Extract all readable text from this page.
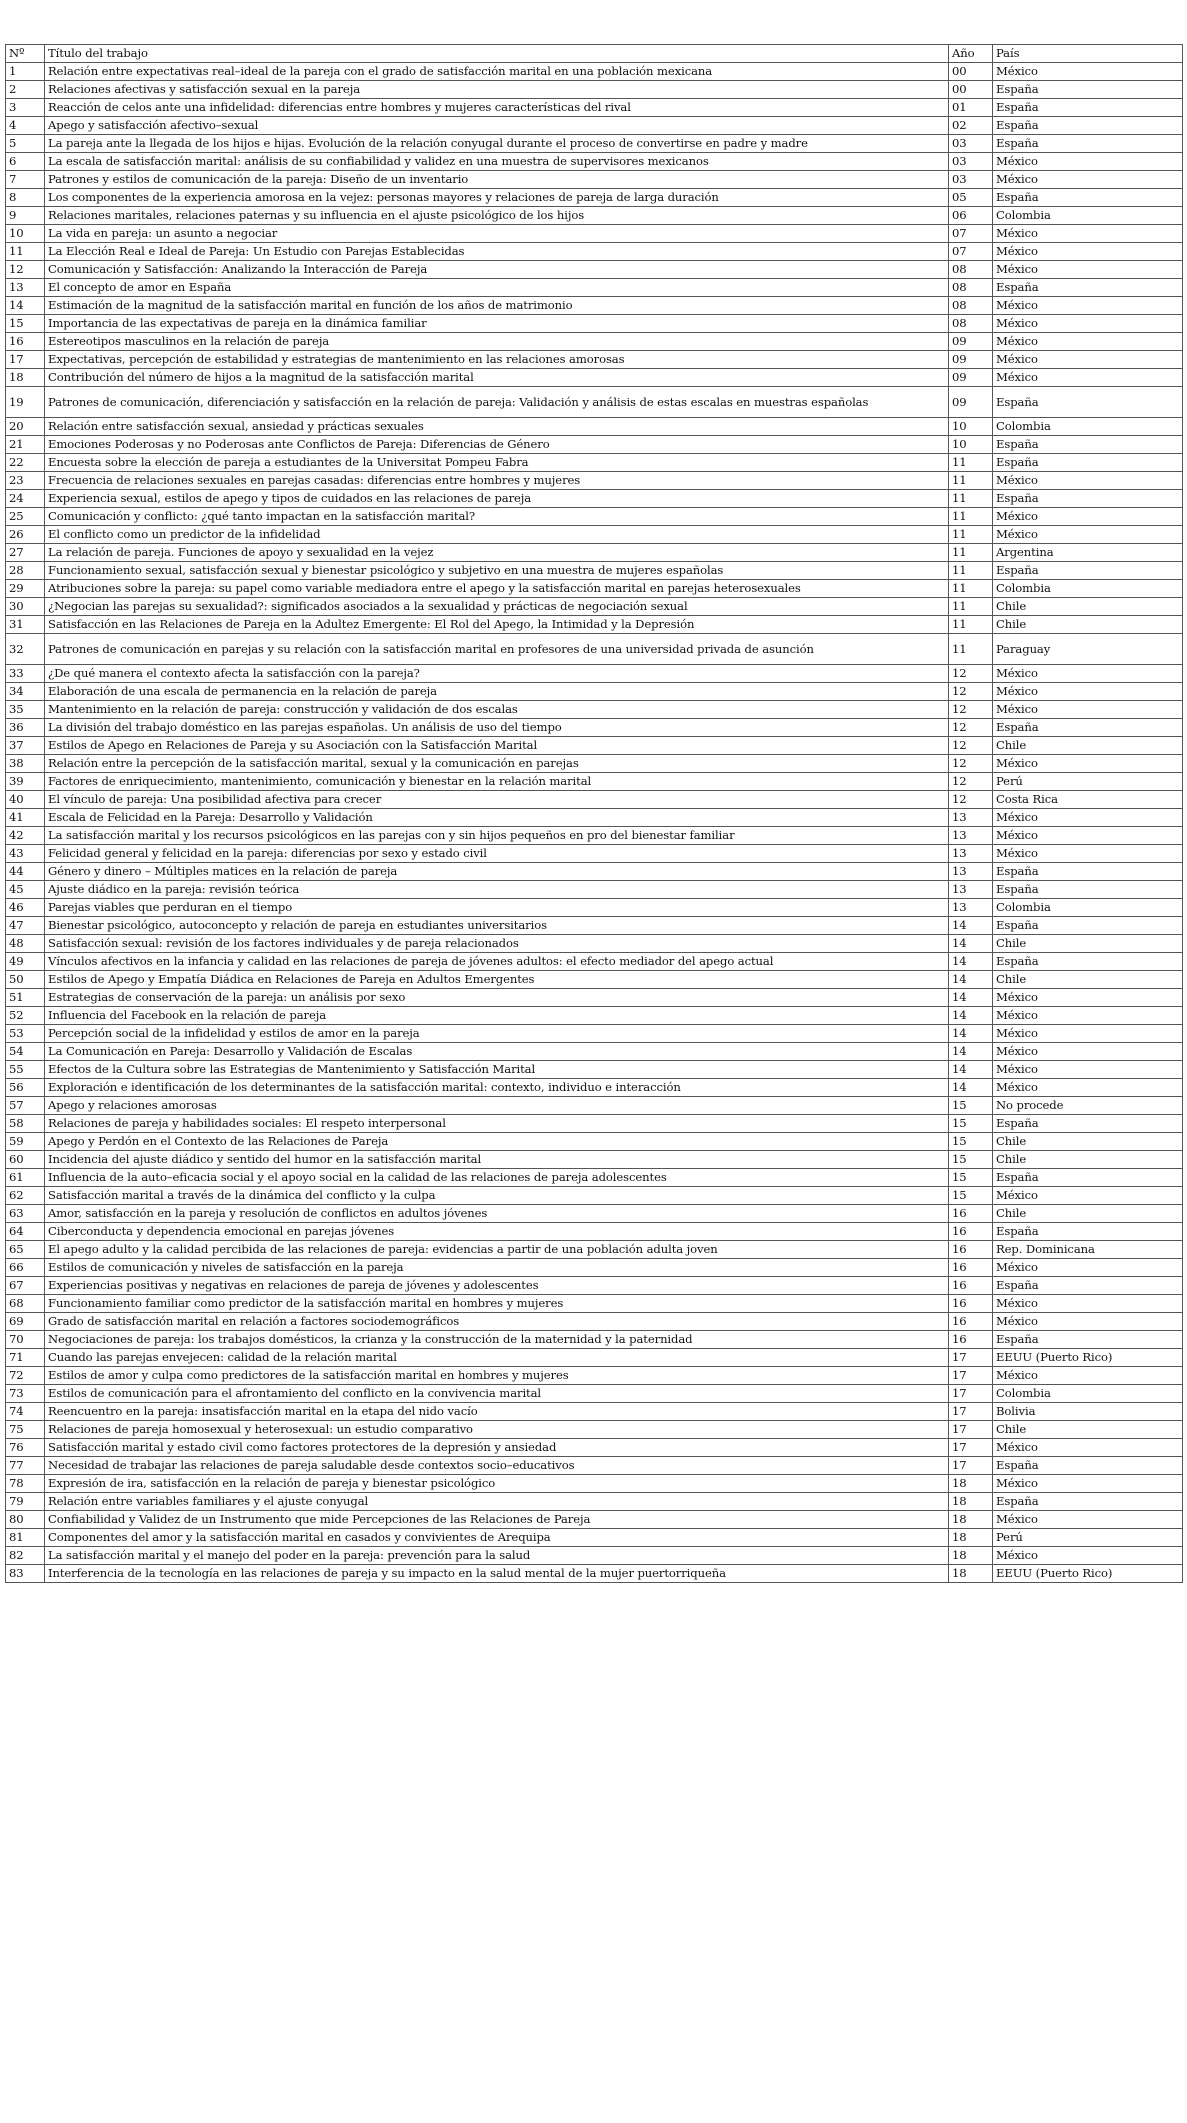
Nº	Título del trabajo	Año	País
1	Relación entre expectativas real–ideal de la pareja con el grado de satisfacción marital en una población mexicana	00	México
2	Relaciones afectivas y satisfacción sexual en la pareja	00	España
3	Reacción de celos ante una infidelidad: diferencias entre hombres y mujeres características del rival	01	España
4	Apego y satisfacción afectivo–sexual	02	España
5	La pareja ante la llegada de los hijos e hijas. Evolución de la relación conyugal durante el proceso de convertirse en padre y madre	03	España
6	La escala de satisfacción marital: análisis de su confiabilidad y validez en una muestra de supervisores mexicanos	03	México
7	Patrones y estilos de comunicación de la pareja: Diseño de un inventario	03	México
8	Los componentes de la experiencia amorosa en la vejez: personas mayores y relaciones de pareja de larga duración	05	España
9	Relaciones maritales, relaciones paternas y su influencia en el ajuste psicológico de los hijos	06	Colombia
10	La vida en pareja: un asunto a negociar	07	México
11	La Elección Real e Ideal de Pareja: Un Estudio con Parejas Establecidas	07	México
12	Comunicación y Satisfacción: Analizando la Interacción de Pareja	08	México
13	El concepto de amor en España	08	España
14	Estimación de la magnitud de la satisfacción marital en función de los años de matrimonio	08	México
15	Importancia de las expectativas de pareja en la dinámica familiar	08	México
16	Estereotipos masculinos en la relación de pareja	09	México
17	Expectativas, percepción de estabilidad y estrategias de mantenimiento en las relaciones amorosas	09	México
18	Contribución del número de hijos a la magnitud de la satisfacción marital	09	México
19	Patrones de comunicación, diferenciación y satisfacción en la relación de pareja: Validación y análisis de estas escalas en muestras españolas	09	España
20	Relación entre satisfacción sexual, ansiedad y prácticas sexuales	10	Colombia
21	Emociones Poderosas y no Poderosas ante Conflictos de Pareja: Diferencias de Género	10	España
22	Encuesta sobre la elección de pareja a estudiantes de la Universitat Pompeu Fabra	11	España
23	Frecuencia de relaciones sexuales en parejas casadas: diferencias entre hombres y mujeres	11	México
24	Experiencia sexual, estilos de apego y tipos de cuidados en las relaciones de pareja	11	España
25	Comunicación y conflicto: ¿qué tanto impactan en la satisfacción marital?	11	México
26	El conflicto como un predictor de la infidelidad	11	México
27	La relación de pareja. Funciones de apoyo y sexualidad en la vejez	11	Argentina
28	Funcionamiento sexual, satisfacción sexual y bienestar psicológico y subjetivo en una muestra de mujeres españolas	11	España
29	Atribuciones sobre la pareja: su papel como variable mediadora entre el apego y la satisfacción marital en parejas heterosexuales	11	Colombia
30	¿Negocian las parejas su sexualidad?: significados asociados a la sexualidad y prácticas de negociación sexual	11	Chile
31	Satisfacción en las Relaciones de Pareja en la Adultez Emergente: El Rol del Apego, la Intimidad y la Depresión	11	Chile
32	Patrones de comunicación en parejas y su relación con la satisfacción marital en profesores de una universidad privada de asunción	11	Paraguay
33	¿De qué manera el contexto afecta la satisfacción con la pareja?	12	México
34	Elaboración de una escala de permanencia en la relación de pareja	12	México
35	Mantenimiento en la relación de pareja: construcción y validación de dos escalas	12	México
36	La división del trabajo doméstico en las parejas españolas. Un análisis de uso del tiempo	12	España
37	Estilos de Apego en Relaciones de Pareja y su Asociación con la Satisfacción Marital	12	Chile
38	Relación entre la percepción de la satisfacción marital, sexual y la comunicación en parejas	12	México
39	Factores de enriquecimiento, mantenimiento, comunicación y bienestar en la relación marital	12	Perú
40	El vínculo de pareja: Una posibilidad afectiva para crecer	12	Costa Rica
41	Escala de Felicidad en la Pareja: Desarrollo y Validación	13	México
42	La satisfacción marital y los recursos psicológicos en las parejas con y sin hijos pequeños en pro del bienestar familiar	13	México
43	Felicidad general y felicidad en la pareja: diferencias por sexo y estado civil	13	México
44	Género y dinero – Múltiples matices en la relación de pareja	13	España
45	Ajuste diádico en la pareja: revisión teórica	13	España
46	Parejas viables que perduran en el tiempo	13	Colombia
47	Bienestar psicológico, autoconcepto y relación de pareja en estudiantes universitarios	14	España
48	Satisfacción sexual: revisión de los factores individuales y de pareja relacionados	14	Chile
49	Vínculos afectivos en la infancia y calidad en las relaciones de pareja de jóvenes adultos: el efecto mediador del apego actual	14	España
50	Estilos de Apego y Empatía Diádica en Relaciones de Pareja en Adultos Emergentes	14	Chile
51	Estrategias de conservación de la pareja: un análisis por sexo	14	México
52	Influencia del Facebook en la relación de pareja	14	México
53	Percepción social de la infidelidad y estilos de amor en la pareja	14	México
54	La Comunicación en Pareja: Desarrollo y Validación de Escalas	14	México
55	Efectos de la Cultura sobre las Estrategias de Mantenimiento y Satisfacción Marital	14	México
56	Exploración e identificación de los determinantes de la satisfacción marital: contexto, individuo e interacción	14	México
57	Apego y relaciones amorosas	15	No procede
58	Relaciones de pareja y habilidades sociales: El respeto interpersonal	15	España
59	Apego y Perdón en el Contexto de las Relaciones de Pareja	15	Chile
60	Incidencia del ajuste diádico y sentido del humor en la satisfacción marital	15	Chile
61	Influencia de la auto–eficacia social y el apoyo social en la calidad de las relaciones de pareja adolescentes	15	España
62	Satisfacción marital a través de la dinámica del conflicto y la culpa	15	México
63	Amor, satisfacción en la pareja y resolución de conflictos en adultos jóvenes	16	Chile
64	Ciberconducta y dependencia emocional en parejas jóvenes	16	España
65	El apego adulto y la calidad percibida de las relaciones de pareja: evidencias a partir de una población adulta joven	16	Rep. Dominicana
66	Estilos de comunicación y niveles de satisfacción en la pareja	16	México
67	Experiencias positivas y negativas en relaciones de pareja de jóvenes y adolescentes	16	España
68	Funcionamiento familiar como predictor de la satisfacción marital en hombres y mujeres	16	México
69	Grado de satisfacción marital en relación a factores sociodemográficos	16	México
70	Negociaciones de pareja: los trabajos domésticos, la crianza y la construcción de la maternidad y la paternidad	16	España
71	Cuando las parejas envejecen: calidad de la relación marital	17	EEUU (Puerto Rico)
72	Estilos de amor y culpa como predictores de la satisfacción marital en hombres y mujeres	17	México
73	Estilos de comunicación para el afrontamiento del conflicto en la convivencia marital	17	Colombia
74	Reencuentro en la pareja: insatisfacción marital en la etapa del nido vacío	17	Bolivia
75	Relaciones de pareja homosexual y heterosexual: un estudio comparativo	17	Chile
76	Satisfacción marital y estado civil como factores protectores de la depresión y ansiedad	17	México
77	Necesidad de trabajar las relaciones de pareja saludable desde contextos socio–educativos	17	España
78	Expresión de ira, satisfacción en la relación de pareja y bienestar psicológico	18	México
79	Relación entre variables familiares y el ajuste conyugal	18	España
80	Confiabilidad y Validez de un Instrumento que mide Percepciones de las Relaciones de Pareja	18	México
81	Componentes del amor y la satisfacción marital en casados y convivientes de Arequipa	18	Perú
82	La satisfacción marital y el manejo del poder en la pareja: prevención para la salud	18	México
83	Interferencia de la tecnología en las relaciones de pareja y su impacto en la salud mental de la mujer puertorriqueña	18	EEUU (Puerto Rico)
